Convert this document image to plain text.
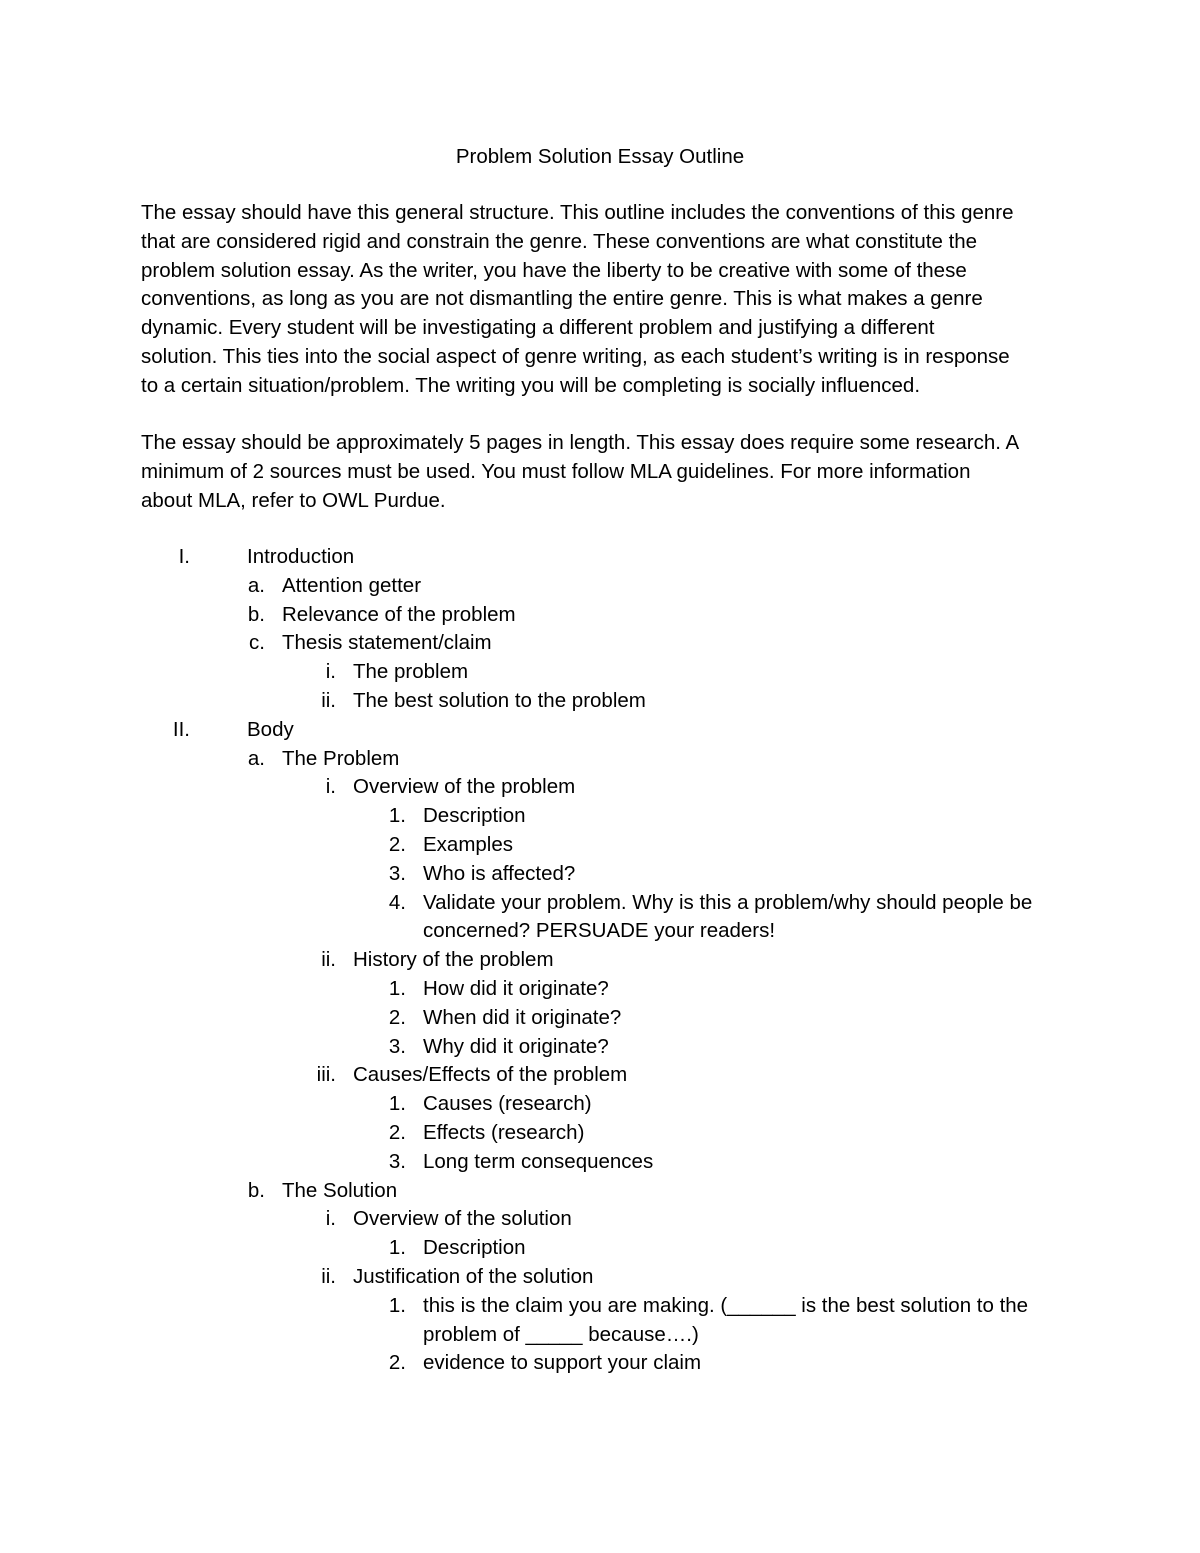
Problem Solution Essay Outline

The essay should have this general structure. This outline includes the conventions of this genre

that are considered rigid and constrain the genre. These conventions are what constitute the

problem solution essay. As the writer, you have the liberty to be creative with some of these

conventions, as long as you are not dismantling the entire genre. This is what makes a genre

dynamic. Every student will be investigating a different problem and justifying a different

solution. This ties into the social aspect of genre writing, as each student’s writing is in response

to a certain situation/problem. The writing you will be completing is socially influenced.

The essay should be approximately 5 pages in length. This essay does require some research. A

minimum of 2 sources must be used. You must follow MLA guidelines. For more information

about MLA, refer to OWL Purdue.

I.	Introduction
a. Attention getter
b. Relevance of the problem
c. Thesis statement/claim
i. The problem
ii. The best solution to the problem
II.	Body
a. The Problem
i. Overview of the problem
1. Description
2. Examples
3. Who is affected?
4. Validate your problem. Why is this a problem/why should people be concerned? PERSUADE your readers!
ii. History of the problem
1. How did it originate?
2. When did it originate?
3. Why did it originate?
iii. Causes/Effects of the problem
1. Causes (research)
2. Effects (research)
3. Long term consequences
b. The Solution
i. Overview of the solution
1. Description
ii. Justification of the solution
1. this is the claim you are making. (______ is the best solution to the problem of _____ because….)
2. evidence to support your claim
